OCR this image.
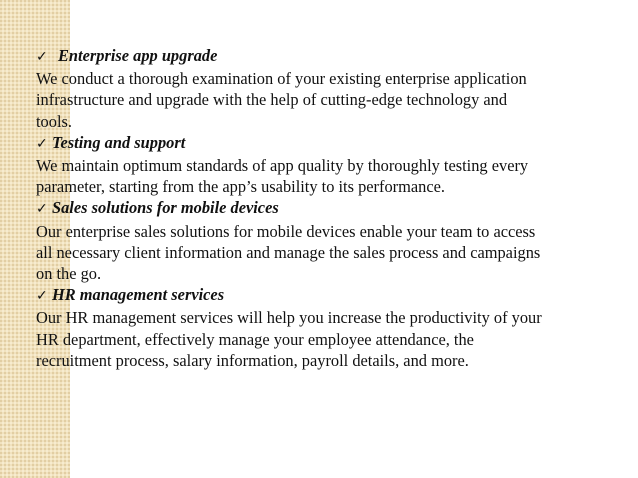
✓ Enterprise app upgrade
We conduct a thorough examination of your existing enterprise application
infrastructure and upgrade with the help of cutting-edge technology and
tools.
✓ Testing and support
We maintain optimum standards of app quality by thoroughly testing every
parameter, starting from the app’s usability to its performance.
✓ Sales solutions for mobile devices
Our enterprise sales solutions for mobile devices enable your team to access
all necessary client information and manage the sales process and campaigns
on the go.
✓ HR management services
Our HR management services will help you increase the productivity of your
HR department, effectively manage your employee attendance, the
recruitment process, salary information, payroll details, and more.
